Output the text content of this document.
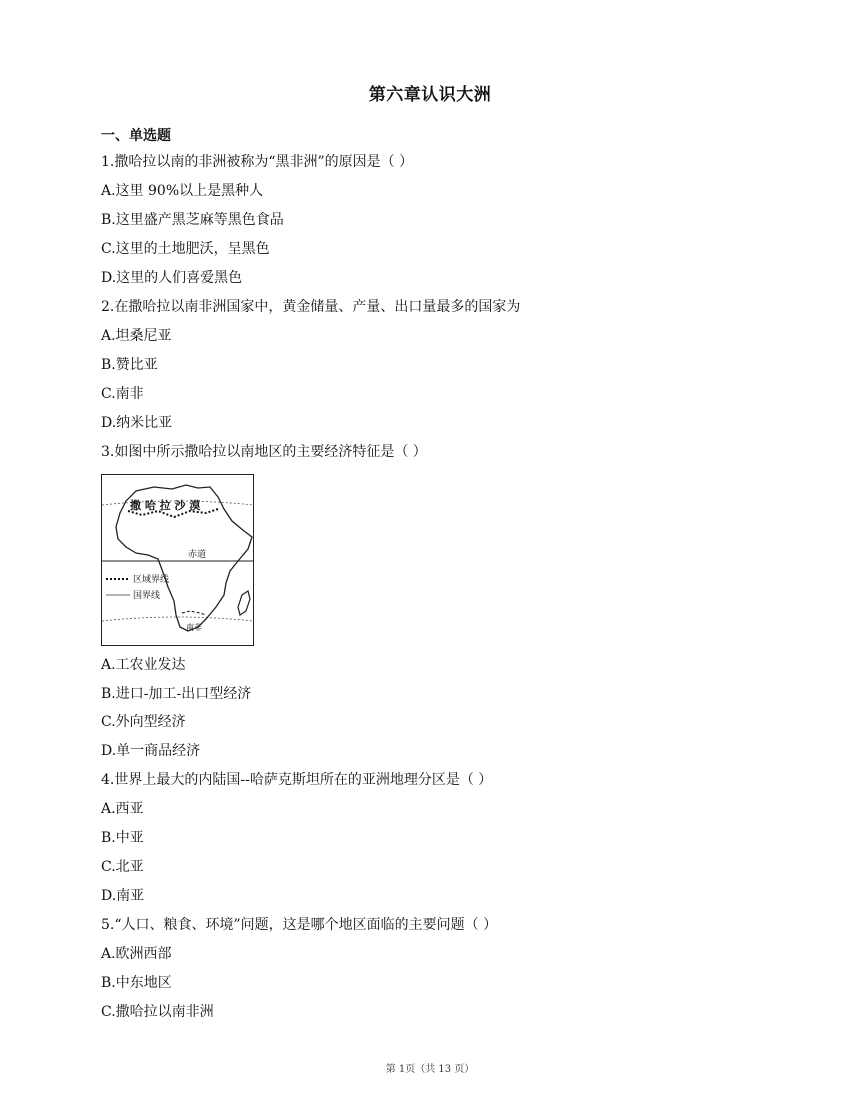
第六章认识大洲
一、单选题
1.撒哈拉以南的非洲被称为“黑非洲”的原因是（ ）
A.这里 90%以上是黑种人
B.这里盛产黑芝麻等黑色食品
C.这里的土地肥沃，呈黑色
D.这里的人们喜爱黑色
2.在撒哈拉以南非洲国家中，黄金储量、产量、出口量最多的国家为
A.坦桑尼亚
B.赞比亚
C.南非
D.纳米比亚
3.如图中所示撒哈拉以南地区的主要经济特征是（ ）
撒 哈 拉 沙 漠
赤道
区域界线
国界线
南非
A.工农业发达
B.进口-加工-出口型经济
C.外向型经济
D.单一商品经济
4.世界上最大的内陆国--哈萨克斯坦所在的亚洲地理分区是（ ）
A.西亚
B.中亚
C.北亚
D.南亚
5.“人口、粮食、环境”问题，这是哪个地区面临的主要问题（ ）
A.欧洲西部
B.中东地区
C.撒哈拉以南非洲
第 1页（共 13 页）
